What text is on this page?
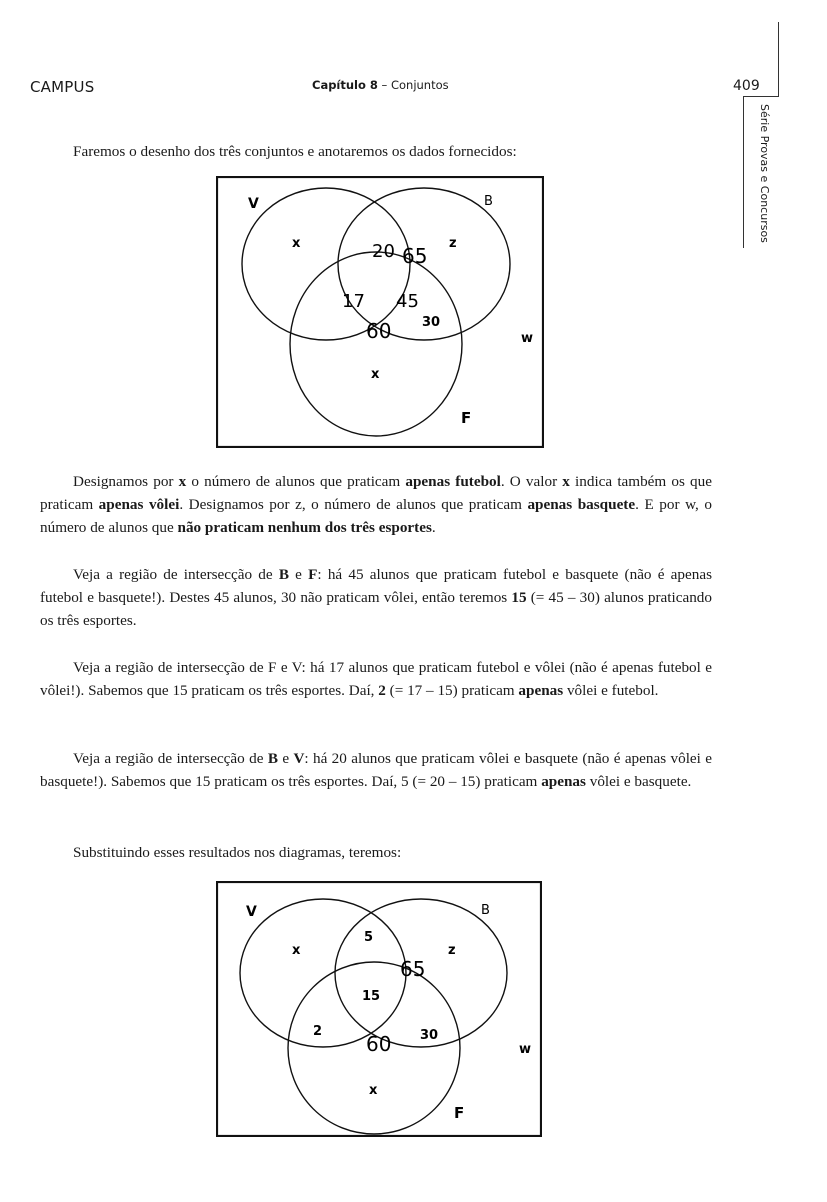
CAMPUS	Capítulo 8 – Conjuntos	409
Série Provas e Concursos
Faremos o desenho dos três conjuntos e anotaremos os dados fornecidos:
V	B
F
w
x	z
x
20 65
17 45
30
60
Designamos por x o número de alunos que praticam apenas futebol. O valor x indica também os que praticam apenas vôlei. Designamos por z, o número de alunos que praticam apenas basquete. E por w, o número de alunos que não praticam nenhum dos três esportes.
Veja a região de intersecção de B e F: há 45 alunos que praticam futebol e basquete (não é apenas futebol e basquete!). Destes 45 alunos, 30 não praticam vôlei, então teremos 15 (= 45 – 30) alunos praticando os três esportes.
Veja a região de intersecção de F e V: há 17 alunos que praticam futebol e vôlei (não é apenas futebol e vôlei!). Sabemos que 15 praticam os três esportes. Daí, 2 (= 17 – 15) praticam apenas vôlei e futebol.
Veja a região de intersecção de B e V: há 20 alunos que praticam vôlei e basquete (não é apenas vôlei e basquete!). Sabemos que 15 praticam os três esportes. Daí, 5 (= 20 – 15) praticam apenas vôlei e basquete.
Substituindo esses resultados nos diagramas, teremos:
V	B
F
w
x	z
x
5
65
15
2	30
60
